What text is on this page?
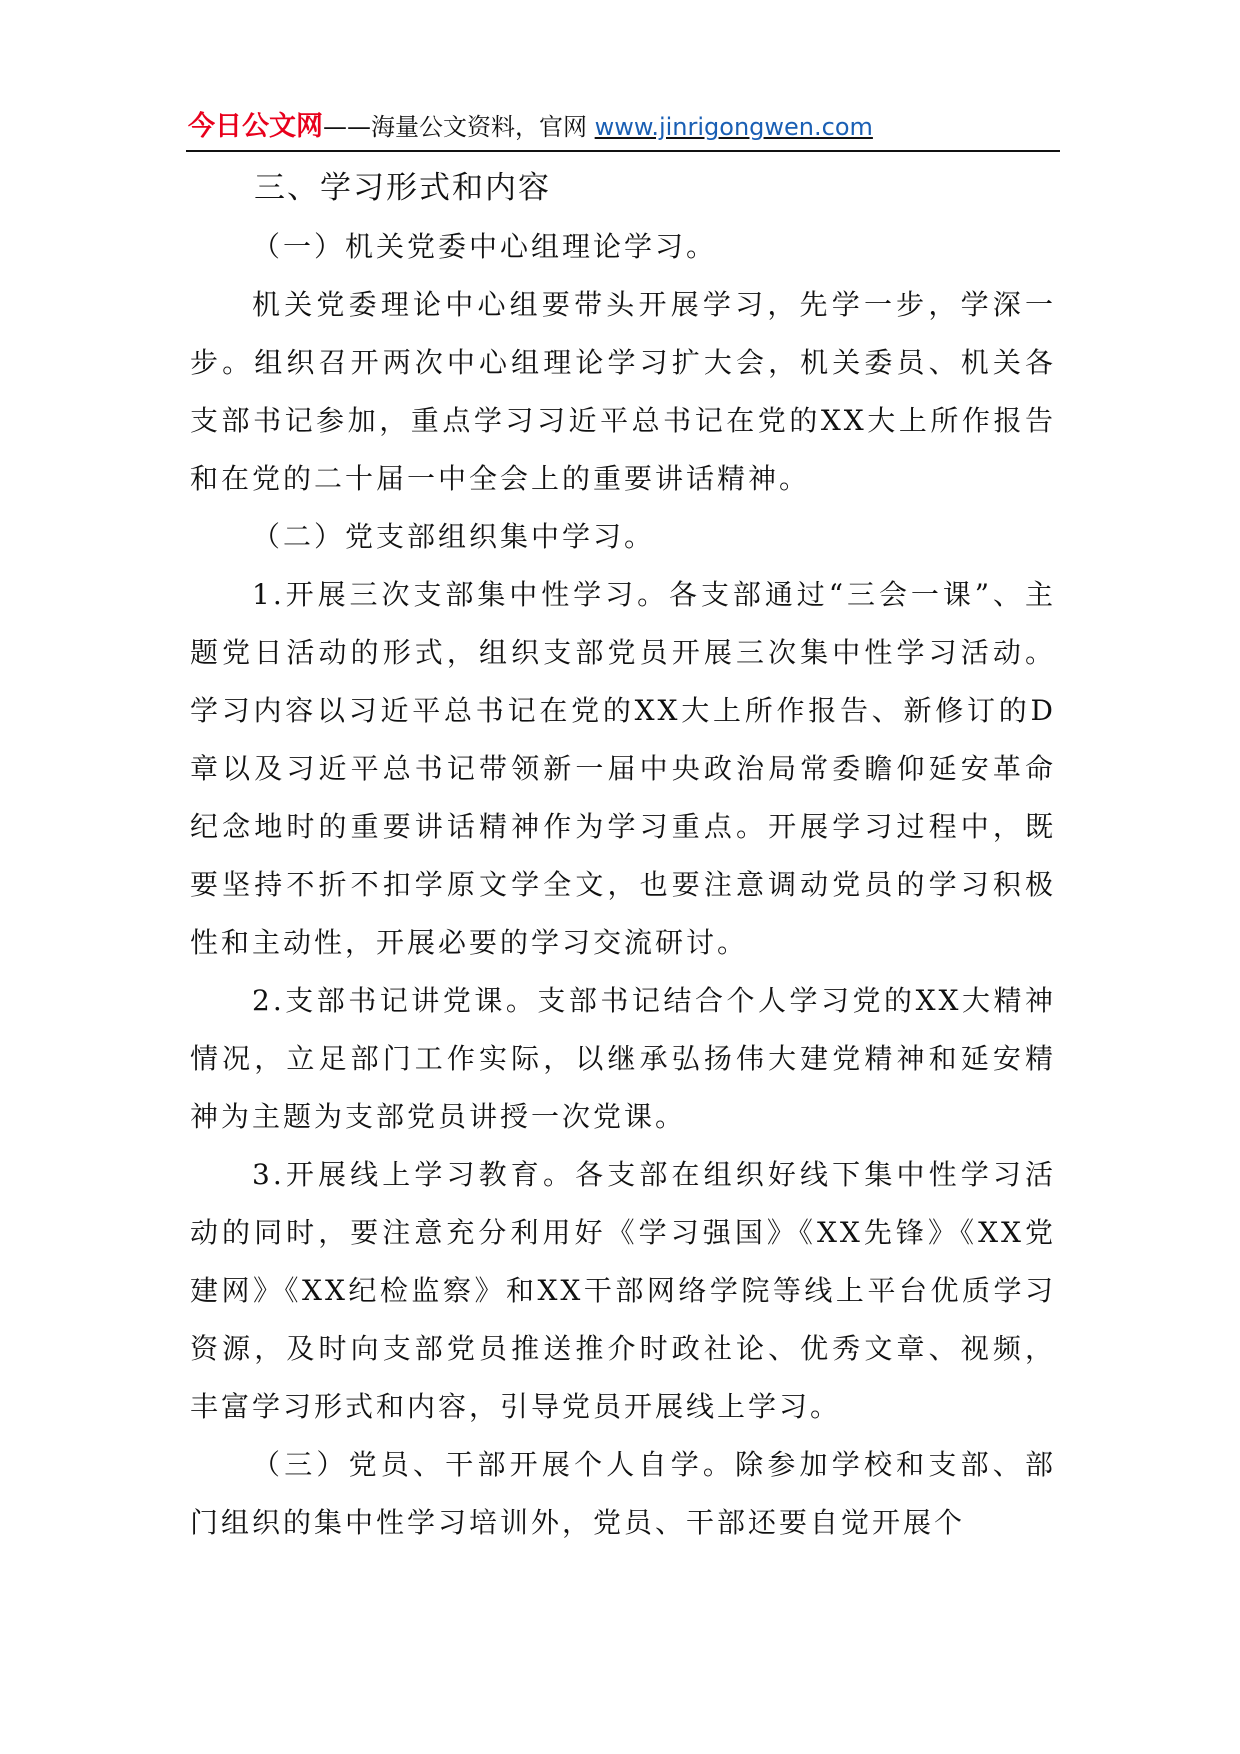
今日公文网——海量公文资料，官网 www.jinrigongwen.com
三、学习形式和内容

（一）机关党委中心组理论学习。

机关党委理论中心组要带头开展学习，先学一步，学深一步。组织召开两次中心组理论学习扩大会，机关委员、机关各支部书记参加，重点学习习近平总书记在党的XX大上所作报告和在党的二十届一中全会上的重要讲话精神。

（二）党支部组织集中学习。

1.开展三次支部集中性学习。各支部通过“三会一课”、主题党日活动的形式，组织支部党员开展三次集中性学习活动。学习内容以习近平总书记在党的XX大上所作报告、新修订的D章以及习近平总书记带领新一届中央政治局常委瞻仰延安革命纪念地时的重要讲话精神作为学习重点。开展学习过程中，既要坚持不折不扣学原文学全文，也要注意调动党员的学习积极性和主动性，开展必要的学习交流研讨。

2.支部书记讲党课。支部书记结合个人学习党的XX大精神情况，立足部门工作实际，以继承弘扬伟大建党精神和延安精神为主题为支部党员讲授一次党课。

3.开展线上学习教育。各支部在组织好线下集中性学习活动的同时，要注意充分利用好《学习强国》《XX先锋》《XX党建网》《XX纪检监察》和XX干部网络学院等线上平台优质学习资源，及时向支部党员推送推介时政社论、优秀文章、视频，丰富学习形式和内容，引导党员开展线上学习。

（三）党员、干部开展个人自学。除参加学校和支部、部门组织的集中性学习培训外，党员、干部还要自觉开展个
